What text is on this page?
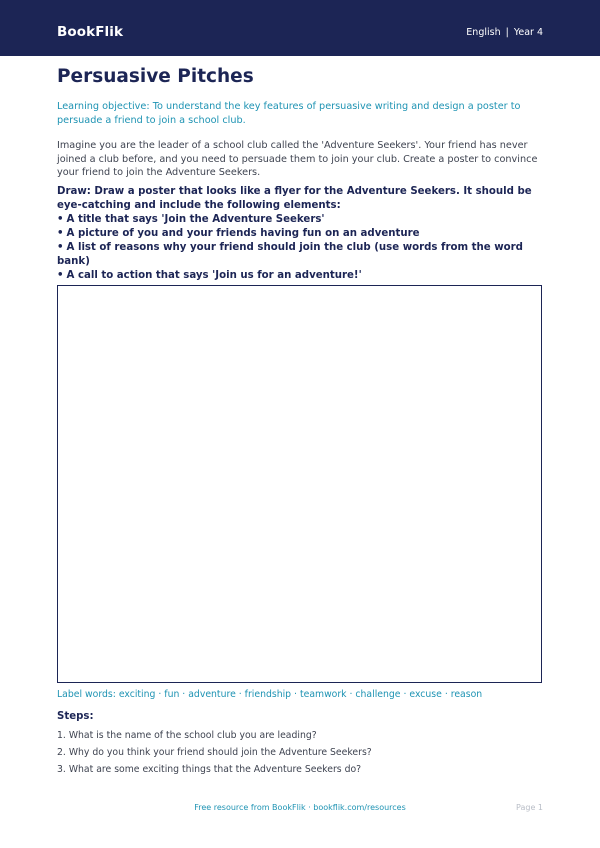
BookFlik	English | Year 4
Persuasive Pitches
Learning objective: To understand the key features of persuasive writing and design a poster to persuade a friend to join a school club.
Imagine you are the leader of a school club called the 'Adventure Seekers'. Your friend has never joined a club before, and you need to persuade them to join your club. Create a poster to convince your friend to join the Adventure Seekers.
Draw: Draw a poster that looks like a flyer for the Adventure Seekers. It should be eye-catching and include the following elements:
• A title that says 'Join the Adventure Seekers'
• A picture of you and your friends having fun on an adventure
• A list of reasons why your friend should join the club (use words from the word bank)
• A call to action that says 'Join us for an adventure!'
Label words: exciting · fun · adventure · friendship · teamwork · challenge · excuse · reason
Steps:
1. What is the name of the school club you are leading?
2. Why do you think your friend should join the Adventure Seekers?
3. What are some exciting things that the Adventure Seekers do?
Free resource from BookFlik · bookflik.com/resources	Page 1
